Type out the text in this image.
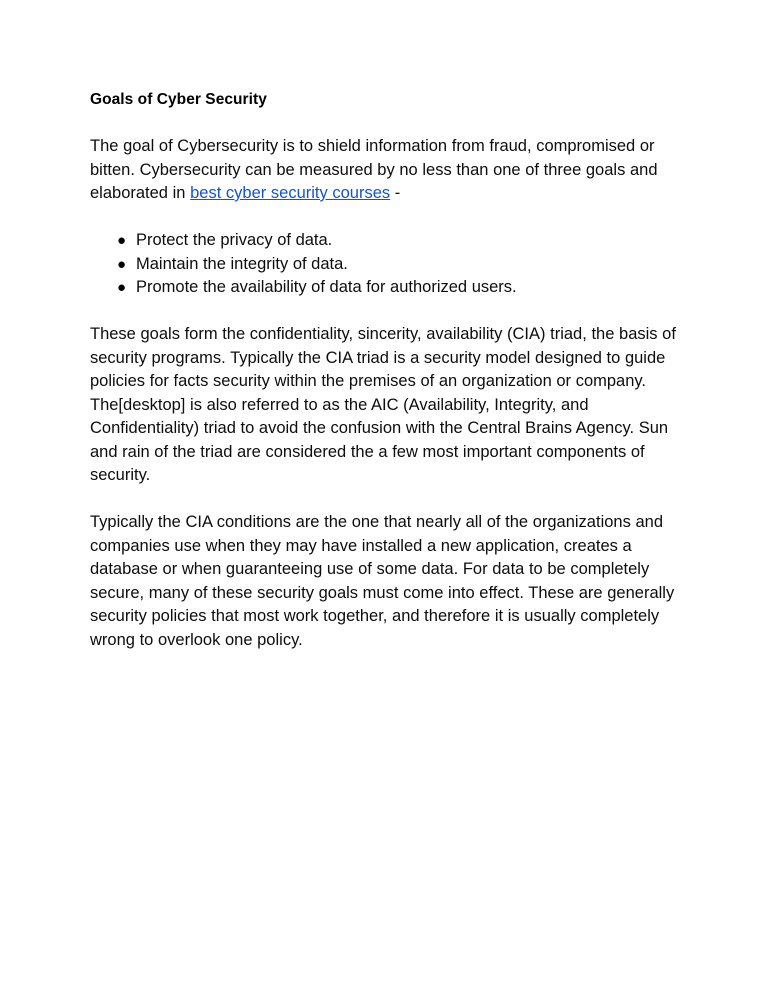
Goals of Cyber Security

The goal of Cybersecurity is to shield information from fraud, compromised or bitten. Cybersecurity can be measured by no less than one of three goals and elaborated in best cyber security courses -

● Protect the privacy of data.
● Maintain the integrity of data.
● Promote the availability of data for authorized users.

These goals form the confidentiality, sincerity, availability (CIA) triad, the basis of security programs. Typically the CIA triad is a security model designed to guide policies for facts security within the premises of an organization or company. The[desktop] is also referred to as the AIC (Availability, Integrity, and Confidentiality) triad to avoid the confusion with the Central Brains Agency. Sun and rain of the triad are considered the a few most important components of security.

Typically the CIA conditions are the one that nearly all of the organizations and companies use when they may have installed a new application, creates a database or when guaranteeing use of some data. For data to be completely secure, many of these security goals must come into effect. These are generally security policies that most work together, and therefore it is usually completely wrong to overlook one policy.
